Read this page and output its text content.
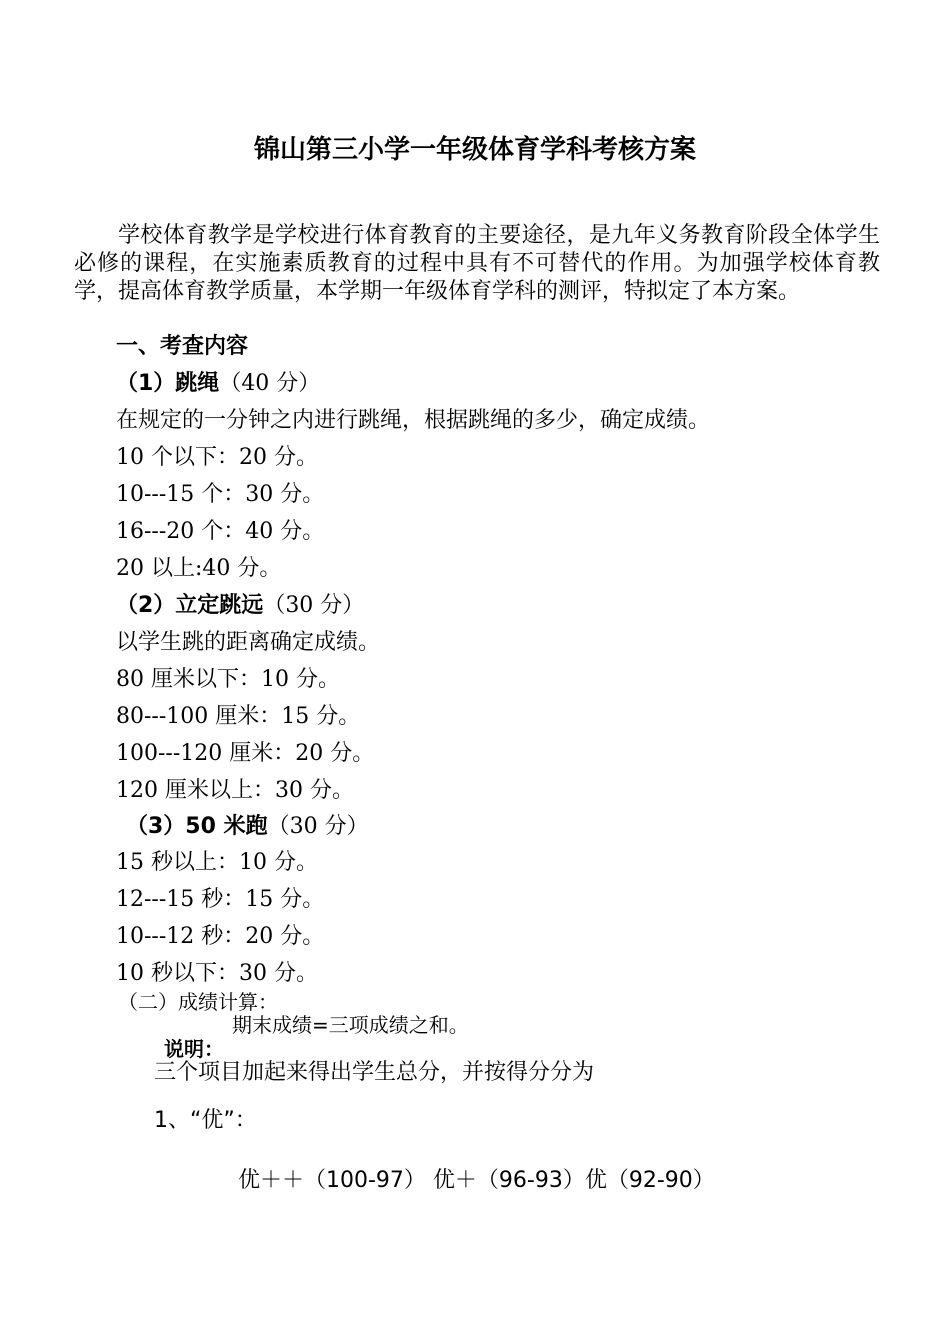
锦山第三小学一年级体育学科考核方案
学校体育教学是学校进行体育教育的主要途径，是九年义务教育阶段全体学生必修的课程，在实施素质教育的过程中具有不可替代的作用。为加强学校体育教学，提高体育教学质量，本学期一年级体育学科的测评，特拟定了本方案。
一、考查内容
（1）跳绳（40 分）
在规定的一分钟之内进行跳绳，根据跳绳的多少，确定成绩。
10 个以下：20 分。
10---15 个：30 分。
16---20 个：40 分。
20 以上:40 分。
（2）立定跳远（30 分）
以学生跳的距离确定成绩。
80 厘米以下：10 分。
80---100 厘米：15 分。
100---120 厘米：20 分。
120 厘米以上：30 分。
（3）50 米跑（30 分）
15 秒以上：10 分。
12---15 秒：15 分。
10---12 秒：20 分。
10 秒以下：30 分。
（二）成绩计算：
期末成绩=三项成绩之和。
说明：
三个项目加起来得出学生总分，并按得分分为
1、“优”：
优＋＋（100-97） 优＋（96-93）优（92-90）
